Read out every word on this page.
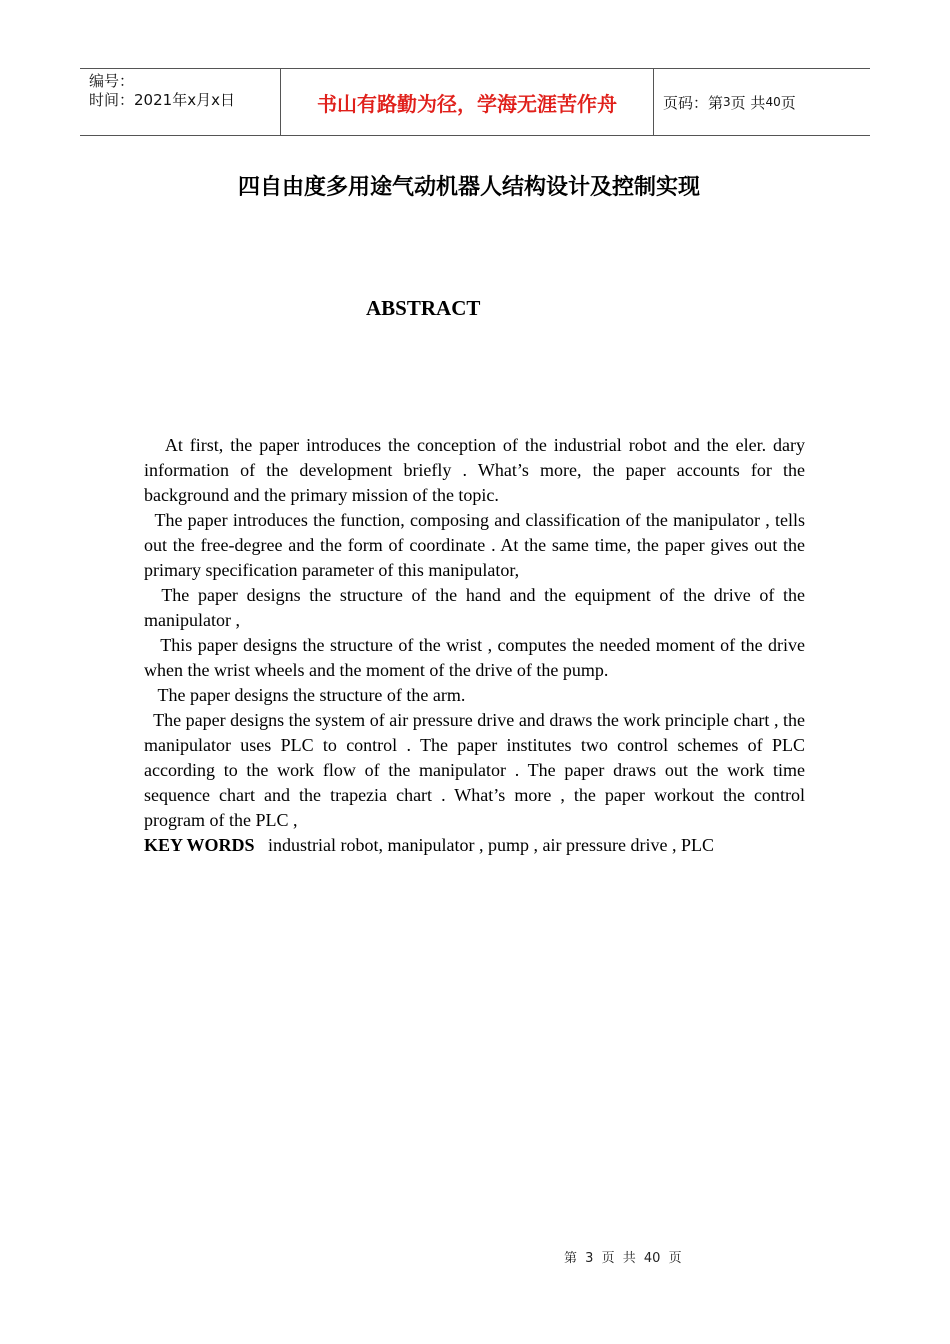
编号：
时间：2021年x月x日	书山有路勤为径，学海无涯苦作舟	页码：第 3 页 共 40 页
四自由度多用途气动机器人结构设计及控制实现
ABSTRACT

At first, the paper introduces the conception of the industrial robot and the eler. dary information of the development briefly . What’s more, the paper accounts for the background and the primary mission of the topic.

The paper introduces the function, composing and classification of the manipulator , tells out the free-degree and the form of coordinate . At the same time, the paper gives out the primary specification parameter of this manipulator,

The paper designs the structure of the hand and the equipment of the drive of the manipulator ,

This paper designs the structure of the wrist , computes the needed moment of the drive when the wrist wheels and the moment of the drive of the pump.

The paper designs the structure of the arm.

The paper designs the system of air pressure drive and draws the work principle chart , the manipulator uses PLC to control . The paper institutes two control schemes of PLC according to the work flow of the manipulator . The paper draws out the work time sequence chart and the trapezia chart . What’s more , the paper workout the control program of the PLC ,

KEY WORDS industrial robot, manipulator , pump , air pressure drive , PLC

第 3 页 共 40 页
